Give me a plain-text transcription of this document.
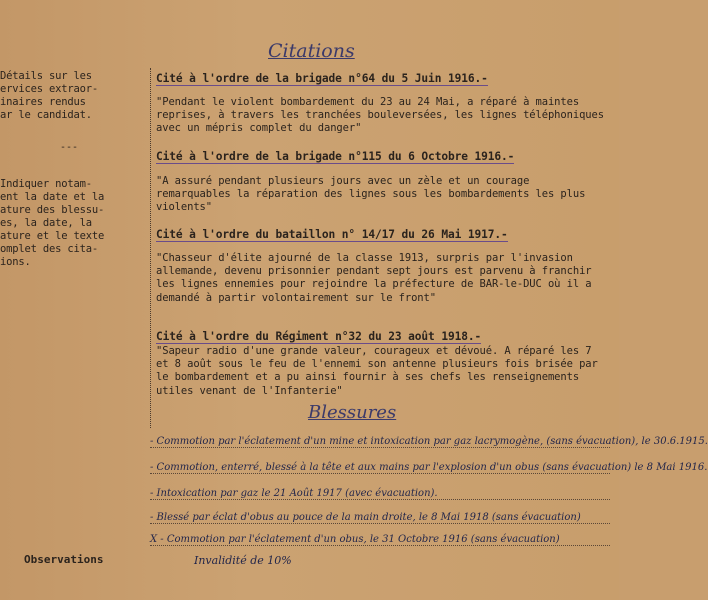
Détails sur les
ervices extraor-
inaires rendus
ar le candidat.
---
Indiquer notam-
ent la date et la
ature des blessu-
es, la date, la
ature et le texte
omplet des cita-
ions.
Observations
Citations
Cité à l'ordre de la brigade n°64 du 5 Juin 1916.-
"Pendant le violent bombardement du 23 au 24 Mai, a réparé à maintes reprises, à travers les tranchées bouleversées, les lignes téléphoniques avec un mépris complet du danger"
Cité à l'ordre de la brigade n°115 du 6 Octobre 1916.-
"A assuré pendant plusieurs jours avec un zèle et un courage remarquables la réparation des lignes sous les bombardements les plus violents"
Cité à l'ordre du bataillon n° 14/17 du 26 Mai 1917.-
"Chasseur d'élite ajourné de la classe 1913, surpris par l'invasion allemande, devenu prisonnier pendant sept jours est parvenu à franchir les lignes ennemies pour rejoindre la préfecture de BAR-le-DUC où il a demandé à partir volontairement sur le front"
Cité à l'ordre du Régiment n°32 du 23 août 1918.-
"Sapeur radio d'une grande valeur, courageux et dévoué. A réparé les 7 et 8 août sous le feu de l'ennemi son antenne plusieurs fois brisée par le bombardement et a pu ainsi fournir à ses chefs les renseignements utiles venant de l'Infanterie"
Blessures
- Commotion par l'éclatement d'un mine et intoxication par gaz lacrymogène, (sans évacuation), le 30.6.1915.
- Commotion, enterré, blessé à la tête et aux mains par l'explosion d'un obus (sans évacuation) le 8 Mai 1916.
- Intoxication par gaz le 21 Août 1917 (avec évacuation).
- Blessé par éclat d'obus au pouce de la main droite, le 8 Mai 1918 (sans évacuation)
X - Commotion par l'éclatement d'un obus, le 31 Octobre 1916 (sans évacuation)
Invalidité de 10%
